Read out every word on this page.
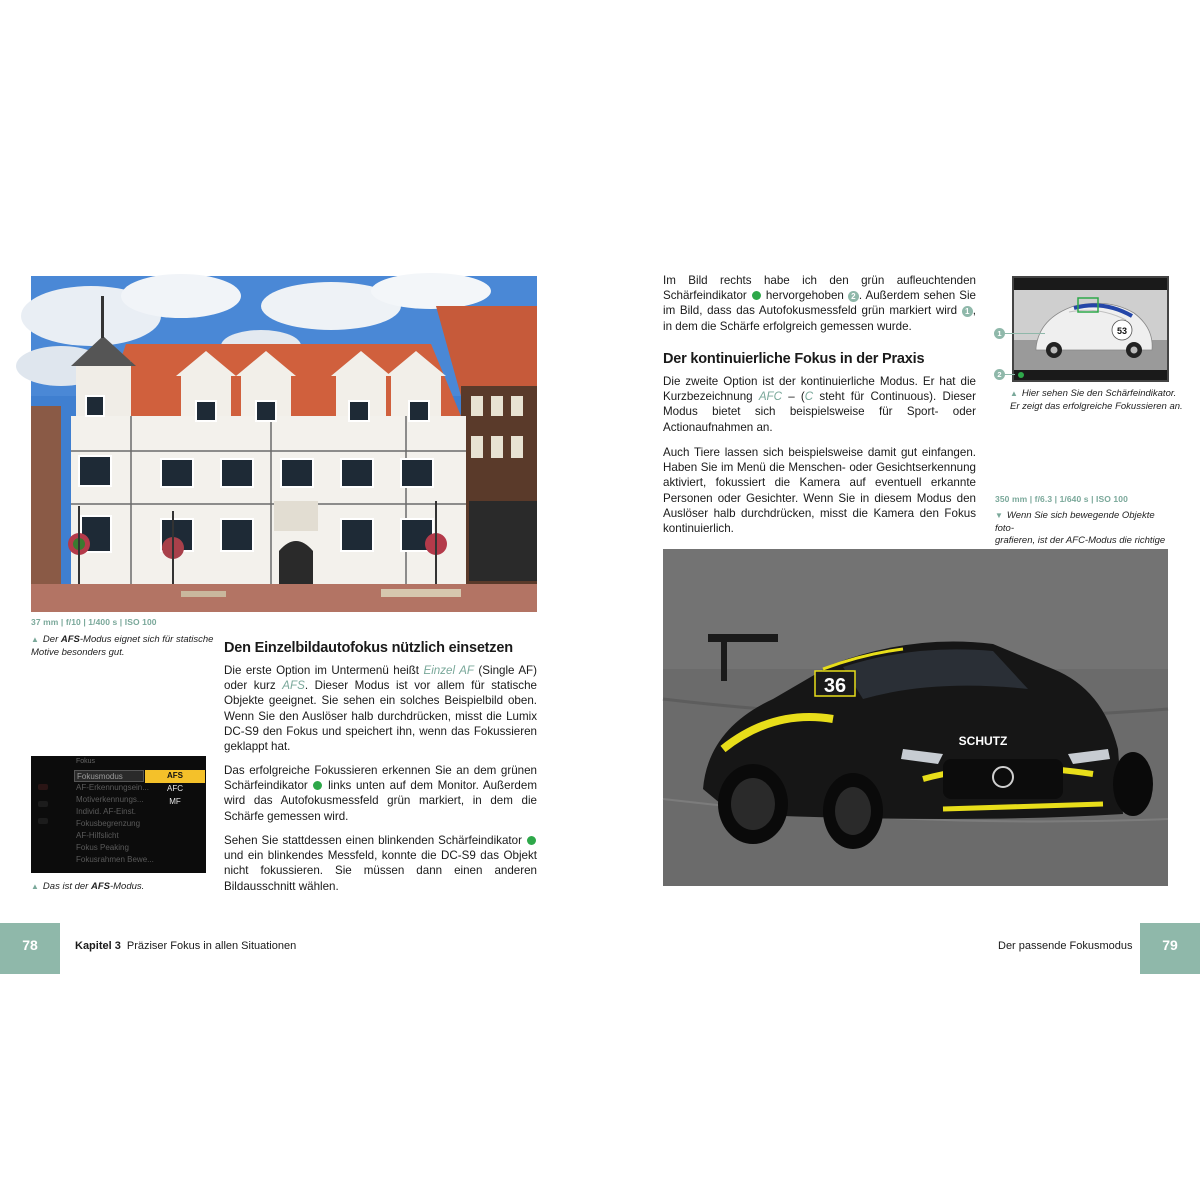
37 mm | f/10 | 1/400 s | ISO 100
▲ Der AFS-Modus eignet sich für statische
Motive besonders gut.	Den Einzelbildautofokus nützlich einsetzen
Die erste Option im Untermenü heißt Einzel AF (Single AF) oder kurz AFS. Dieser Modus ist vor allem für statische Objekte geeignet. Sie sehen ein solches Beispielbild oben. Wenn Sie den Auslöser halb durchdrücken, misst die Lumix DC-S9 den Fokus und speichert ihn, wenn das Fokussieren geklappt hat.
Das erfolgreiche Fokussieren erkennen Sie an dem grünen Schärfeindikator  links unten auf dem Monitor. Außerdem wird das Autofokusmessfeld grün markiert, in dem die Schärfe gemessen wird.
Sehen Sie stattdessen einen blinkenden Schärfeindikator  und ein blinkendes Messfeld, konnte die DC-S9 das Objekt nicht fokussieren. Sie müssen dann einen anderen Bildausschnitt wählen.
Fokus
Fokusmodus
AF-Erkennungsein...
Motiverkennungs...
Individ. AF-Einst.
Fokusbegrenzung
AF-Hilfslicht
Fokus Peaking
Fokusrahmen Bewe...
AFS
AFC
MF
▲ Das ist der AFS-Modus.
Im Bild rechts habe ich den grün aufleuchtenden Schärfeindikator  hervorgehoben 2 . Außerdem sehen Sie im Bild, dass das Autofokusmessfeld grün markiert wird 1 , in dem die Schärfe erfolgreich gemessen wurde.
Der kontinuierliche Fokus in der Praxis
Die zweite Option ist der kontinuierliche Modus. Er hat die Kurzbezeichnung AFC – (C steht für Continuous). Dieser Modus bietet sich beispielsweise für Sport- oder Actionaufnahmen an.
Auch Tiere lassen sich beispielsweise damit gut einfangen. Haben Sie im Menü die Menschen- oder Gesichtserkennung aktiviert, fokussiert die Kamera auf eventuell erkannte Personen oder Gesichter. Wenn Sie in diesem Modus den Auslöser halb durchdrücken, misst die Kamera den Fokus kontinuierlich.
53
1
2
▲ Hier sehen Sie den Schärfeindikator.
Er zeigt das erfolgreiche Fokussieren an.
350 mm | f/6.3 | 1/640 s | ISO 100
▼ Wenn Sie sich bewegende Objekte foto-
grafieren, ist der AFC-Modus die richtige

36
SCHUTZ
78	Kapitel 3 Präziser Fokus in allen Situationen	Der passende Fokusmodus	79
